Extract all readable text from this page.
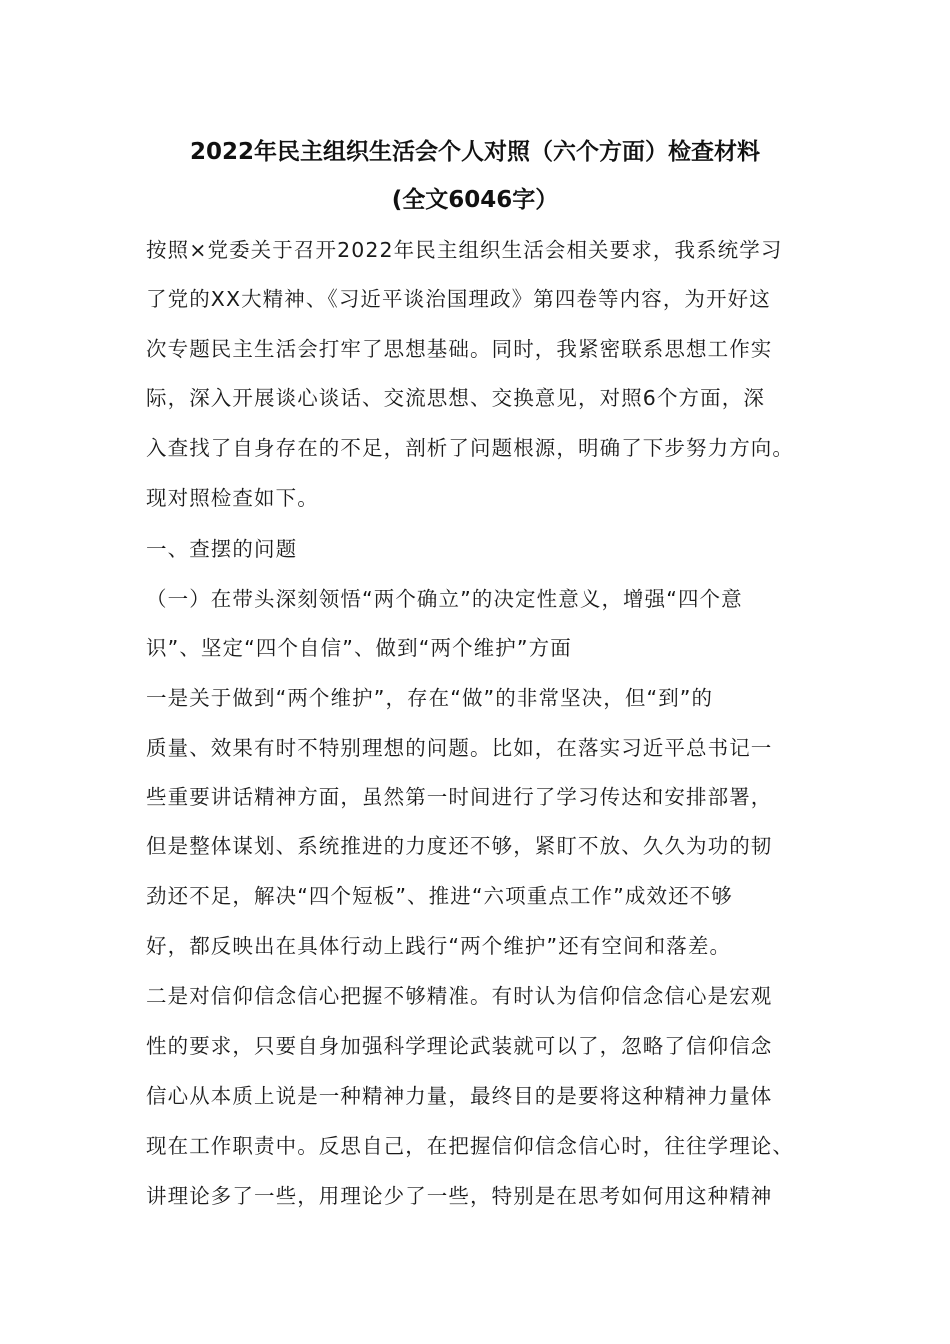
2022年民主组织生活会个人对照（六个方面）检查材料
(全文6046字）
按照×党委关于召开2022年民主组织生活会相关要求，我系统学习
了党的XX大精神、《习近平谈治国理政》第四卷等内容，为开好这
次专题民主生活会打牢了思想基础。同时，我紧密联系思想工作实
际，深入开展谈心谈话、交流思想、交换意见，对照6个方面，深
入查找了自身存在的不足，剖析了问题根源，明确了下步努力方向。
现对照检查如下。
一、查摆的问题
（一）在带头深刻领悟“两个确立”的决定性意义，增强“四个意
识”、坚定“四个自信”、做到“两个维护”方面
一是关于做到“两个维护”，存在“做”的非常坚决，但“到”的
质量、效果有时不特别理想的问题。比如，在落实习近平总书记一
些重要讲话精神方面，虽然第一时间进行了学习传达和安排部署，
但是整体谋划、系统推进的力度还不够，紧盯不放、久久为功的韧
劲还不足，解决“四个短板”、推进“六项重点工作”成效还不够
好，都反映出在具体行动上践行“两个维护”还有空间和落差。
二是对信仰信念信心把握不够精准。有时认为信仰信念信心是宏观
性的要求，只要自身加强科学理论武装就可以了，忽略了信仰信念
信心从本质上说是一种精神力量，最终目的是要将这种精神力量体
现在工作职责中。反思自己，在把握信仰信念信心时，往往学理论、
讲理论多了一些，用理论少了一些，特别是在思考如何用这种精神
